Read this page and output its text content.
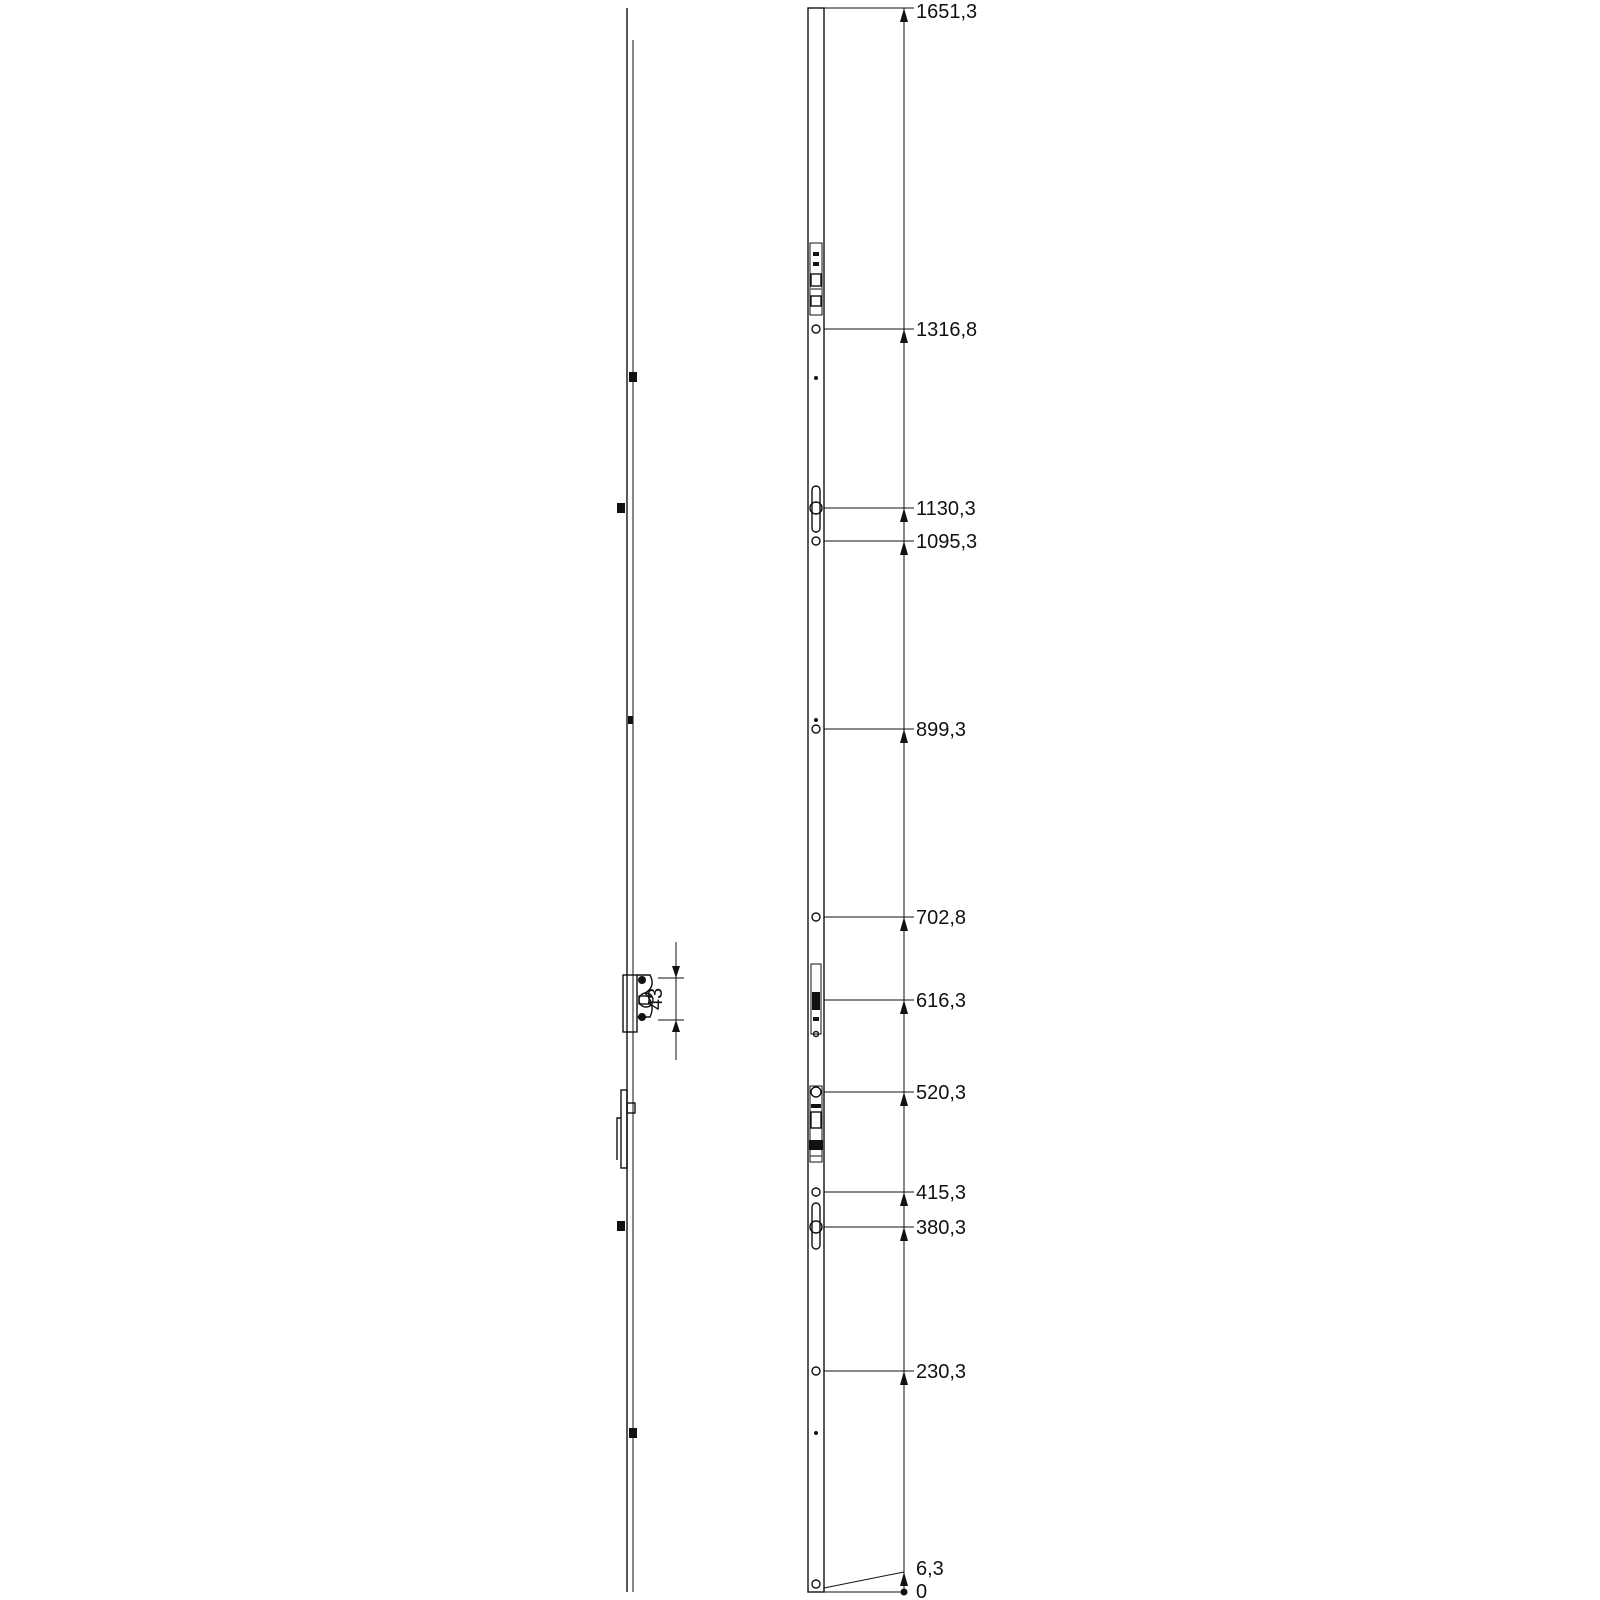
43
1651,3
1316,8
1130,3
1095,3
899,3
702,8
616,3
520,3
415,3
380,3
230,3
6,3
0
